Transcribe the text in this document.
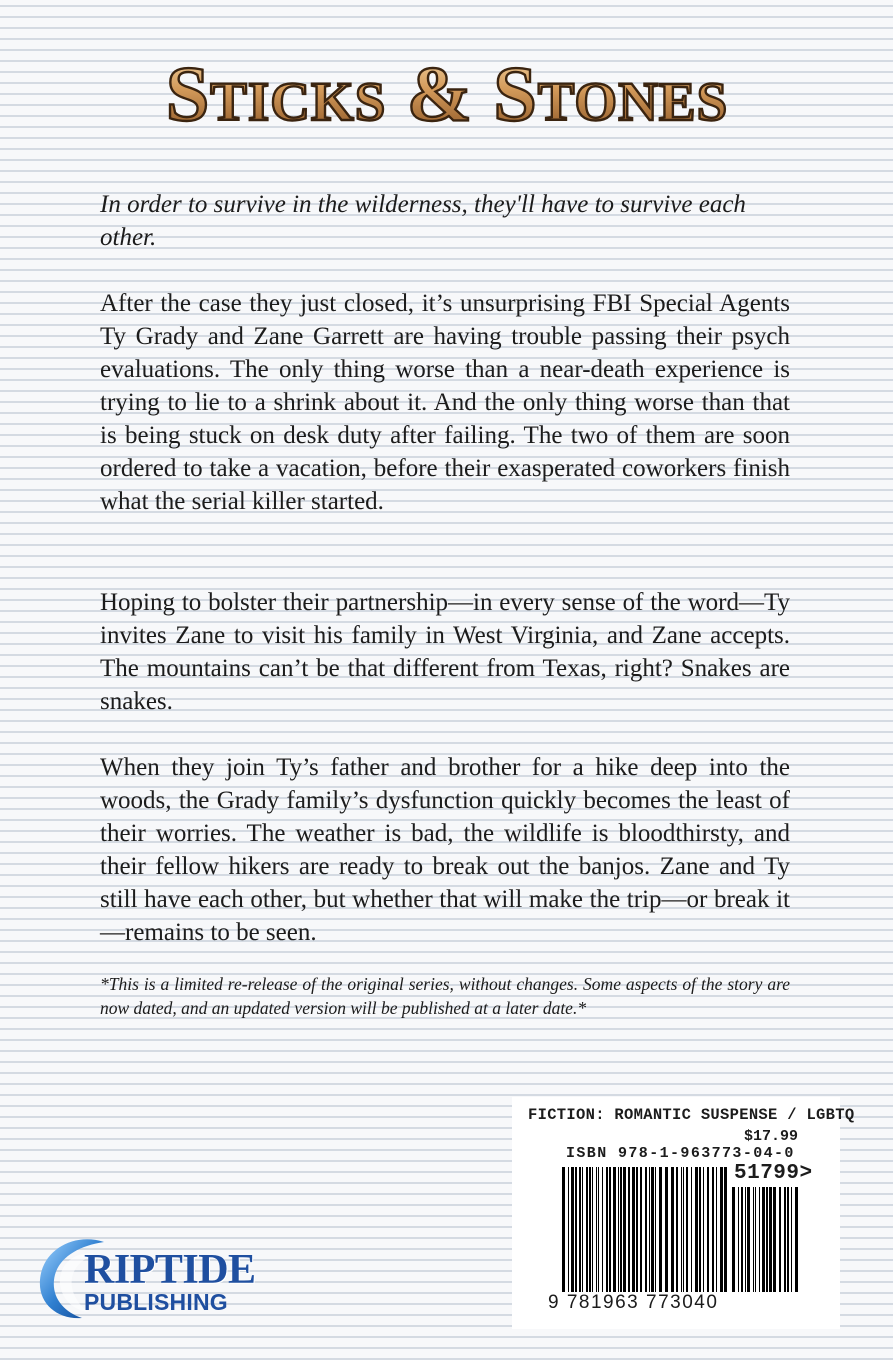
Sticks & Stones

In order to survive in the wilderness, they'll have to survive each other.

After the case they just closed, it’s unsurprising FBI Special Agents Ty Grady and Zane Garrett are having trouble passing their psych evaluations. The only thing worse than a near-death experience is trying to lie to a shrink about it. And the only thing worse than that is being stuck on desk duty after failing. The two of them are soon ordered to take a vacation, before their exasperated coworkers finish what the serial killer started.

Hoping to bolster their partnership—in every sense of the word—Ty invites Zane to visit his family in West Virginia, and Zane accepts. The mountains can’t be that different from Texas, right? Snakes are snakes.

When they join Ty’s father and brother for a hike deep into the woods, the Grady family’s dysfunction quickly becomes the least of their worries. The weather is bad, the wildlife is bloodthirsty, and their fellow hikers are ready to break out the banjos. Zane and Ty still have each other, but whether that will make the trip—or break it—remains to be seen.

*This is a limited re-release of the original series, without changes. Some aspects of the story are now dated, and an updated version will be published at a later date.*

FICTION: ROMANTIC SUSPENSE / LGBTQ
$17.99
ISBN 978-1-963773-04-0
51799>
9 781963 773040
RIPTIDE
PUBLISHING
